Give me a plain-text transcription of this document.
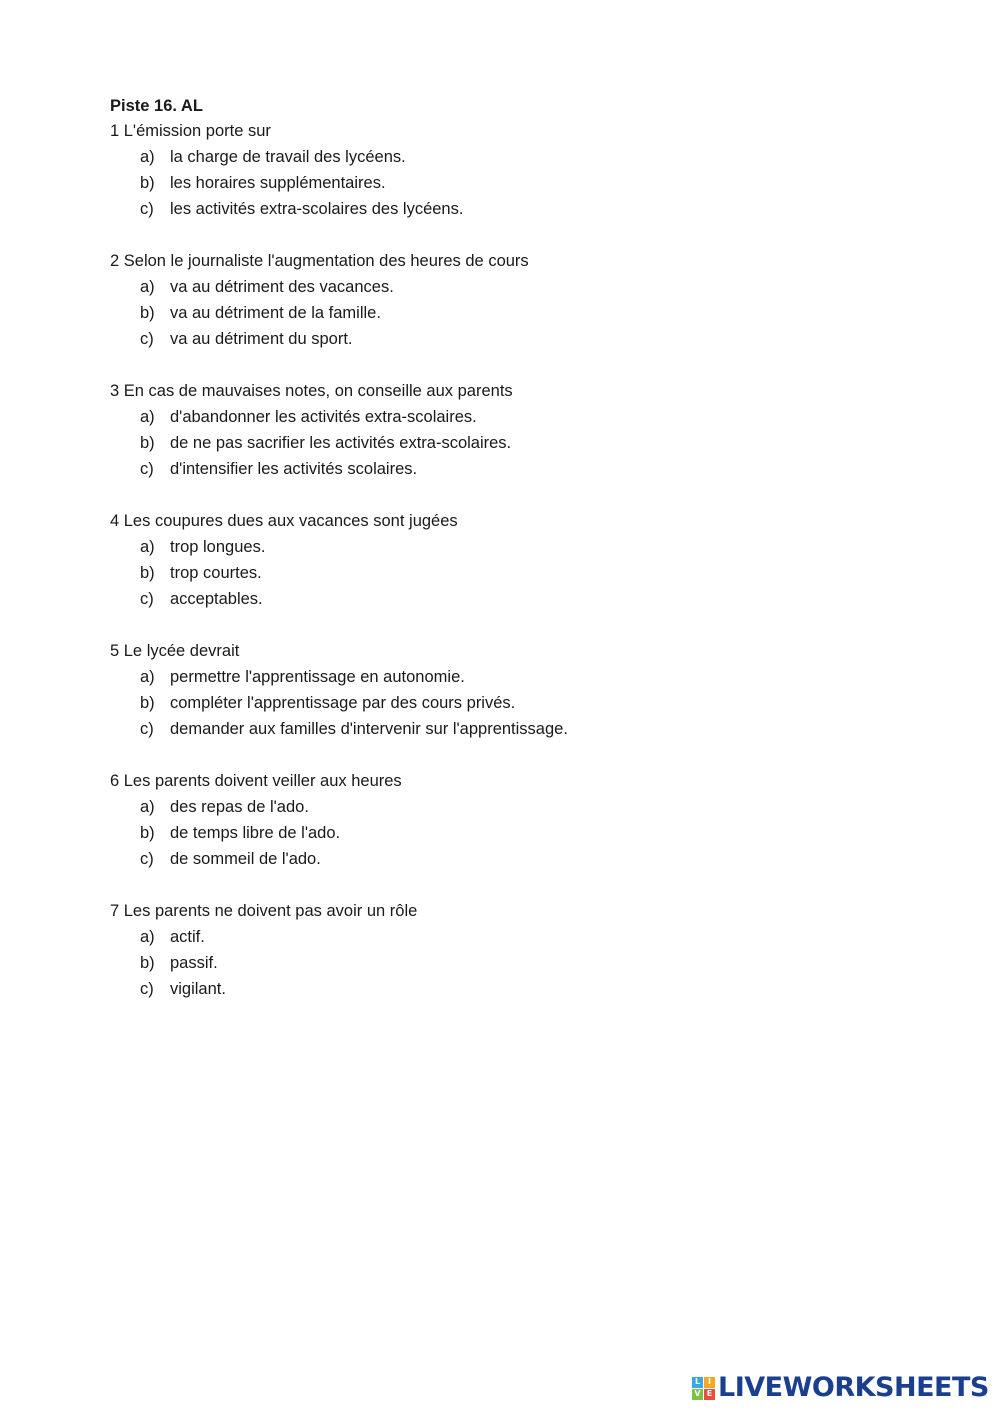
Piste 16. AL

1 L'émission porte sur

a) la charge de travail des lycéens.
b) les horaires supplémentaires.
c) les activités extra-scolaires des lycéens.

2 Selon le journaliste l'augmentation des heures de cours

a) va au détriment des vacances.
b) va au détriment de la famille.
c) va au détriment du sport.

3 En cas de mauvaises notes, on conseille aux parents

a) d'abandonner les activités extra-scolaires.
b) de ne pas sacrifier les activités extra-scolaires.
c) d'intensifier les activités scolaires.

4 Les coupures dues aux vacances sont jugées

a) trop longues.
b) trop courtes.
c) acceptables.

5 Le lycée devrait

a) permettre l'apprentissage en autonomie.
b) compléter l'apprentissage par des cours privés.
c) demander aux familles d'intervenir sur l'apprentissage.

6 Les parents doivent veiller aux heures

a) des repas de l'ado.
b) de temps libre de l'ado.
c) de sommeil de l'ado.

7 Les parents ne doivent pas avoir un rôle

a) actif.
b) passif.
c) vigilant.
L I
V E LIVEWORKSHEETS
